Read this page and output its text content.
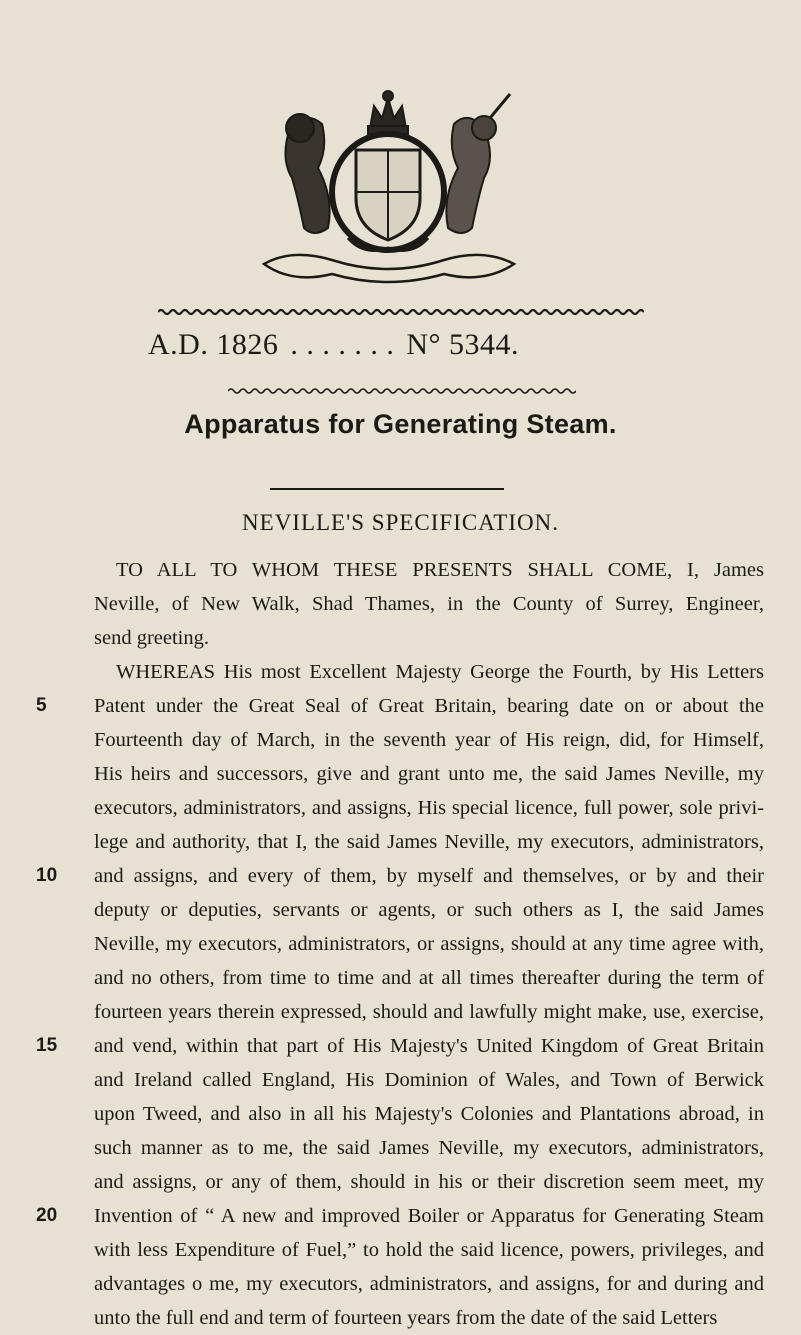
A.D. 1826 . . . . . . . N° 5344.
Apparatus for Generating Steam.
NEVILLE'S SPECIFICATION.
TO ALL TO WHOM THESE PRESENTS SHALL COME, I, James
Neville, of New Walk, Shad Thames, in the County of Surrey, Engineer,
send greeting.
WHEREAS His most Excellent Majesty George the Fourth, by His Letters
5	Patent under the Great Seal of Great Britain, bearing date on or about the
Fourteenth day of March, in the seventh year of His reign, did, for Himself,
His heirs and successors, give and grant unto me, the said James Neville, my
executors, administrators, and assigns, His special licence, full power, sole privi-
lege and authority, that I, the said James Neville, my executors, administrators,
10	and assigns, and every of them, by myself and themselves, or by and their
deputy or deputies, servants or agents, or such others as I, the said James
Neville, my executors, administrators, or assigns, should at any time agree with,
and no others, from time to time and at all times thereafter during the term of
fourteen years therein expressed, should and lawfully might make, use, exercise,
15	and vend, within that part of His Majesty's United Kingdom of Great Britain
and Ireland called England, His Dominion of Wales, and Town of Berwick
upon Tweed, and also in all his Majesty's Colonies and Plantations abroad, in
such manner as to me, the said James Neville, my executors, administrators,
and assigns, or any of them, should in his or their discretion seem meet, my
20	Invention of “ A new and improved Boiler or Apparatus for Generating Steam
with less Expenditure of Fuel,” to hold the said licence, powers, privileges, and
advantages o me, my executors, administrators, and assigns, for and during and
unto the full end and term of fourteen years from the date of the said Letters
